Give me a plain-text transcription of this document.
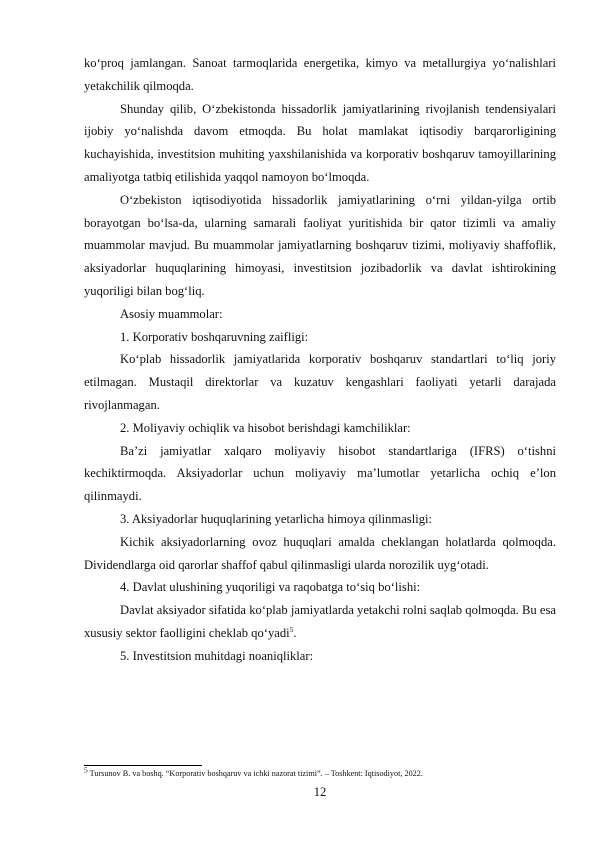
ko‘proq jamlangan. Sanoat tarmoqlarida energetika, kimyo va metallurgiya yo‘nalishlari yetakchilik qilmoqda.

Shunday qilib, O‘zbekistonda hissadorlik jamiyatlarining rivojlanish tendensiyalari ijobiy yo‘nalishda davom etmoqda. Bu holat mamlakat iqtisodiy barqarorligining kuchayishida, investitsion muhiting yaxshilanishida va korporativ boshqaruv tamoyillarining amaliyotga tatbiq etilishida yaqqol namoyon bo‘lmoqda.

O‘zbekiston iqtisodiyotida hissadorlik jamiyatlarining o‘rni yildan-yilga ortib borayotgan bo‘lsa-da, ularning samarali faoliyat yuritishida bir qator tizimli va amaliy muammolar mavjud. Bu muammolar jamiyatlarning boshqaruv tizimi, moliyaviy shaffoflik, aksiyadorlar huquqlarining himoyasi, investitsion jozibadorlik va davlat ishtirokining yuqoriligi bilan bog‘liq.

Asosiy muammolar:

1. Korporativ boshqaruvning zaifligi:

Ko‘plab hissadorlik jamiyatlarida korporativ boshqaruv standartlari to‘liq joriy etilmagan. Mustaqil direktorlar va kuzatuv kengashlari faoliyati yetarli darajada rivojlanmagan.

2. Moliyaviy ochiqlik va hisobot berishdagi kamchiliklar:

Ba’zi jamiyatlar xalqaro moliyaviy hisobot standartlariga (IFRS) o‘tishni kechiktirmoqda. Aksiyadorlar uchun moliyaviy ma’lumotlar yetarlicha ochiq e’lon qilinmaydi.

3. Aksiyadorlar huquqlarining yetarlicha himoya qilinmasligi:

Kichik aksiyadorlarning ovoz huquqlari amalda cheklangan holatlarda qolmoqda. Dividendlarga oid qarorlar shaffof qabul qilinmasligi ularda norozilik uyg‘otadi.

4. Davlat ulushining yuqoriligi va raqobatga to‘siq bo‘lishi:

Davlat aksiyador sifatida ko‘plab jamiyatlarda yetakchi rolni saqlab qolmoqda. Bu esa xususiy sektor faolligini cheklab qo‘yadi$^5$.

5. Investitsion muhitdagi noaniqliklar:

$^5$ Tursunov B. va boshq. “Korporativ boshqaruv va ichki nazorat tizimi”. – Toshkent: Iqtisodiyot, 2022.
12
